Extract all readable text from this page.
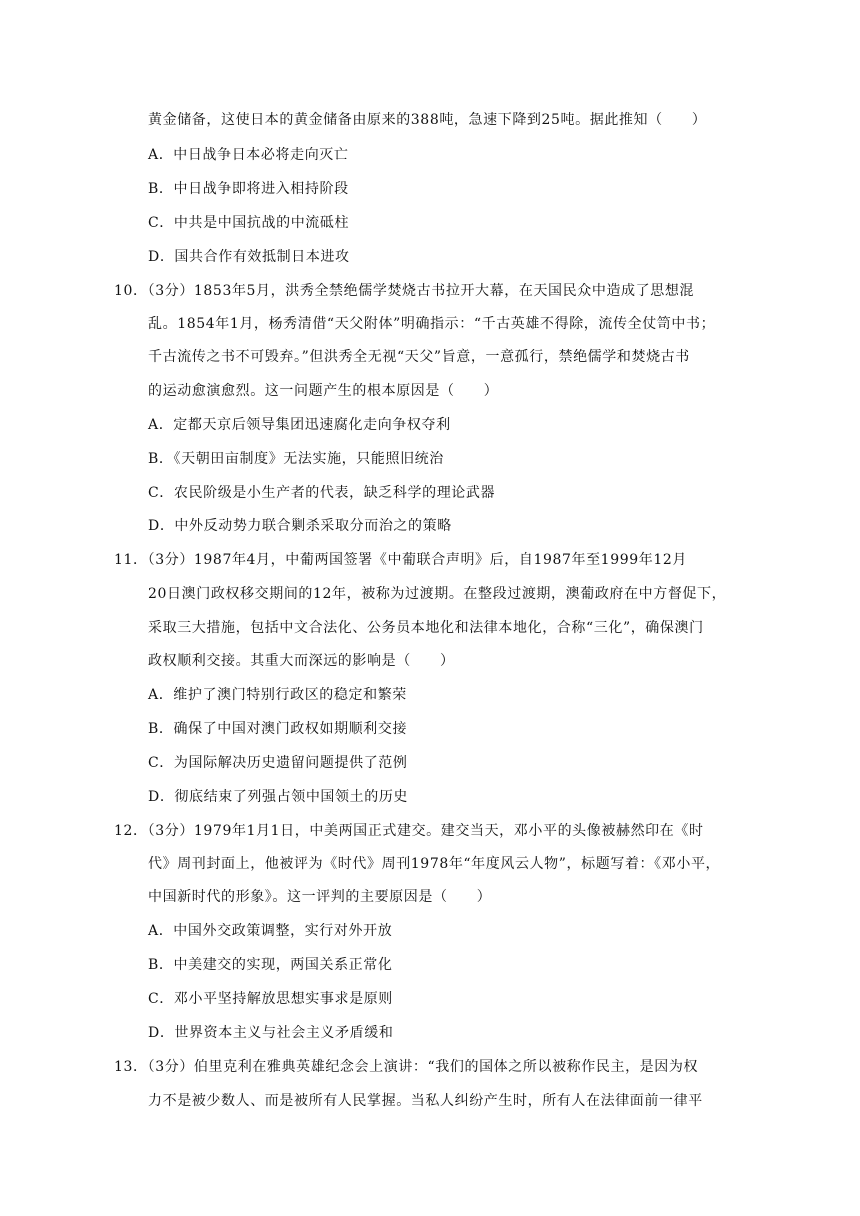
黄金储备，这使日本的黄金储备由原来的388吨，急速下降到25吨。据此推知（　　）
A．中日战争日本必将走向灭亡
B．中日战争即将进入相持阶段
C．中共是中国抗战的中流砥柱
D．国共合作有效抵制日本进攻
10．（3分）1853年5月，洪秀全禁绝儒学焚烧古书拉开大幕，在天国民众中造成了思想混
乱。1854年1月，杨秀清借“天父附体”明确指示：“千古英雄不得除，流传全仗笥中书；
千古流传之书不可毁弃。”但洪秀全无视“天父”旨意，一意孤行，禁绝儒学和焚烧古书
的运动愈演愈烈。这一问题产生的根本原因是（　　）
A．定都天京后领导集团迅速腐化走向争权夺利
B．《天朝田亩制度》无法实施，只能照旧统治
C．农民阶级是小生产者的代表，缺乏科学的理论武器
D．中外反动势力联合剿杀采取分而治之的策略
11．（3分）1987年4月，中葡两国签署《中葡联合声明》后，自1987年至1999年12月
20日澳门政权移交期间的12年，被称为过渡期。在整段过渡期，澳葡政府在中方督促下，
采取三大措施，包括中文合法化、公务员本地化和法律本地化，合称“三化”，确保澳门
政权顺利交接。其重大而深远的影响是（　　）
A．维护了澳门特别行政区的稳定和繁荣
B．确保了中国对澳门政权如期顺利交接
C．为国际解决历史遗留问题提供了范例
D．彻底结束了列强占领中国领土的历史
12．（3分）1979年1月1日，中美两国正式建交。建交当天，邓小平的头像被赫然印在《时
代》周刊封面上，他被评为《时代》周刊1978年“年度风云人物”，标题写着：《邓小平，
中国新时代的形象》。这一评判的主要原因是（　　）
A．中国外交政策调整，实行对外开放
B．中美建交的实现，两国关系正常化
C．邓小平坚持解放思想实事求是原则
D．世界资本主义与社会主义矛盾缓和
13．（3分）伯里克利在雅典英雄纪念会上演讲：“我们的国体之所以被称作民主，是因为权
力不是被少数人、而是被所有人民掌握。当私人纠纷产生时，所有人在法律面前一律平
